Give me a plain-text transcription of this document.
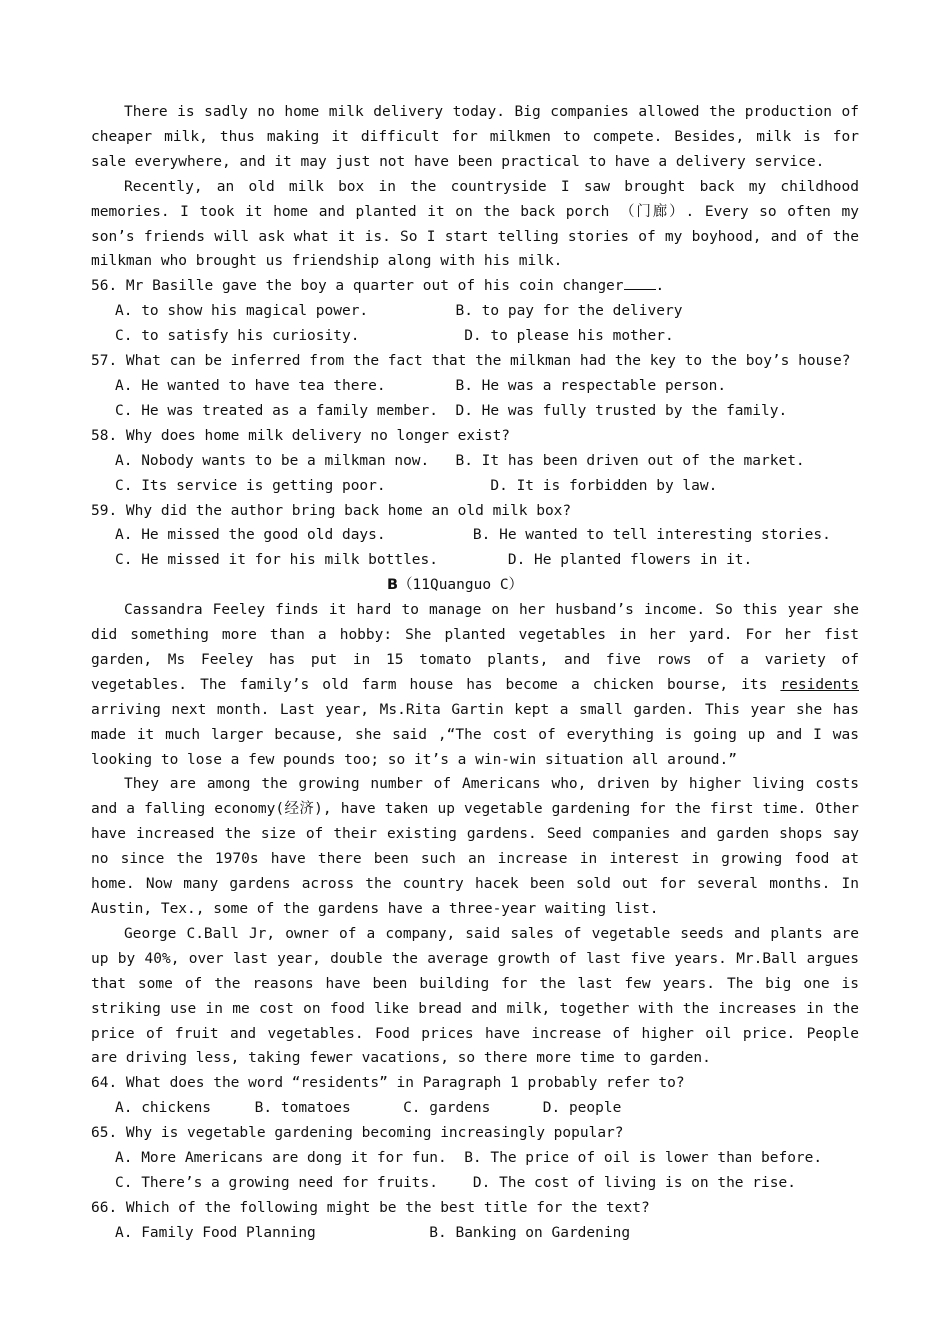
There is sadly no home milk delivery today. Big companies allowed the production of cheaper milk, thus making it difficult for milkmen to compete. Besides, milk is for sale everywhere, and it may just not have been practical to have a delivery service.

Recently, an old milk box in the countryside I saw brought back my childhood memories. I took it home and planted it on the back porch （门廊）. Every so often my son’s friends will ask what it is. So I start telling stories of my boyhood, and of the milkman who brought us friendship along with his milk.

56. Mr Basille gave the boy a quarter out of his coin changer .

A. to show his magical power.          B. to pay for the delivery

C. to satisfy his curiosity.            D. to please his mother.

57. What can be inferred from the fact that the milkman had the key to the boy’s house?

A. He wanted to have tea there.        B. He was a respectable person.

C. He was treated as a family member.  D. He was fully trusted by the family.

58. Why does home milk delivery no longer exist?

A. Nobody wants to be a milkman now.   B. It has been driven out of the market.

C. Its service is getting poor.            D. It is forbidden by law.

59. Why did the author bring back home an old milk box?

A. He missed the good old days.          B. He wanted to tell interesting stories.

C. He missed it for his milk bottles.        D. He planted flowers in it.

B（11Quanguo C）

Cassandra Feeley finds it hard to manage on her husband’s income. So this year she did something more than a hobby: She planted vegetables in her yard. For her fist garden, Ms Feeley has put in 15 tomato plants, and five rows of a variety of vegetables. The family’s old farm house has become a chicken bourse, its residents arriving next month. Last year, Ms.Rita Gartin kept a small garden. This year she has made it much larger because, she said ,“The cost of everything is going up and I was looking to lose a few pounds too; so it’s a win-win situation all around.”

They are among the growing number of Americans who, driven by higher living costs and a falling economy(经济), have taken up vegetable gardening for the first time. Other have increased the size of their existing gardens. Seed companies and garden shops say no since the 1970s have there been such an increase in interest in growing food at home. Now many gardens across the country hacek been sold out for several months. In Austin, Tex., some of the gardens have a three-year waiting list.

George C.Ball Jr, owner of a company, said sales of vegetable seeds and plants are up by 40%, over last year, double the average growth of last five years. Mr.Ball argues that some of the reasons have been building for the last few years. The big one is striking use in me cost on food like bread and milk, together with the increases in the price of fruit and vegetables. Food prices have increase of higher oil price. People are driving less, taking fewer vacations, so there more time to garden.

64. What does the word “residents” in Paragraph 1 probably refer to?

A. chickens     B. tomatoes      C. gardens      D. people

65. Why is vegetable gardening becoming increasingly popular?

A. More Americans are dong it for fun.  B. The price of oil is lower than before.

C. There’s a growing need for fruits.    D. The cost of living is on the rise.

66. Which of the following might be the best title for the text?

A. Family Food Planning             B. Banking on Gardening
